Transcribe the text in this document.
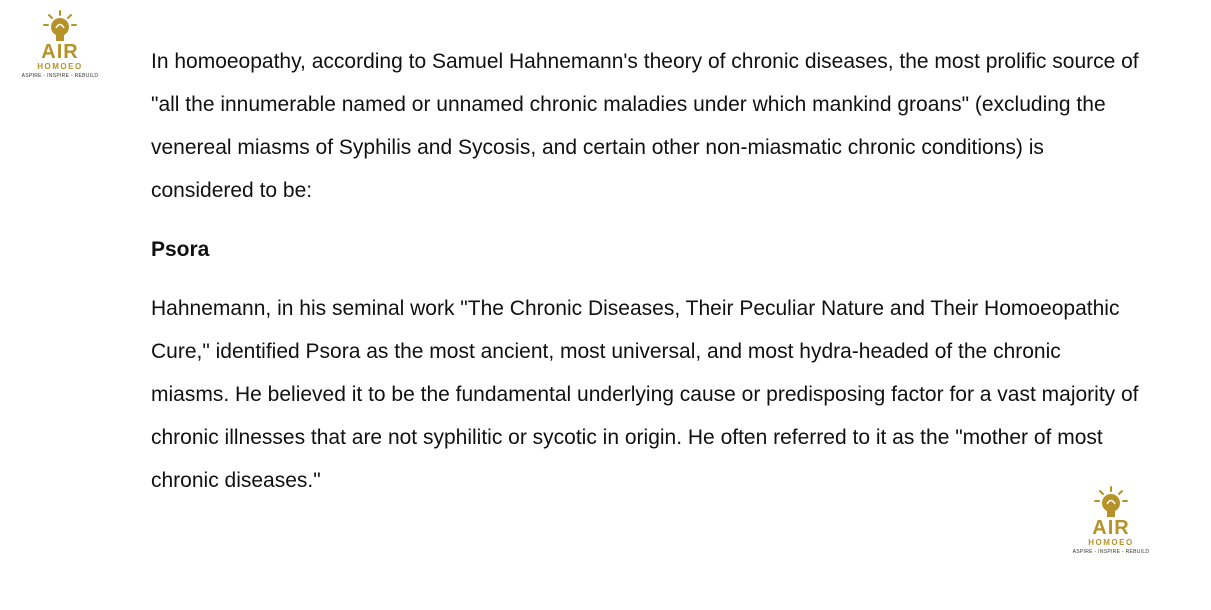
AIR
HOMOEO
ASPIRE - INSPIRE - REBUILD

In homoeopathy, according to Samuel Hahnemann's theory of chronic diseases, the most prolific source of "all the innumerable named or unnamed chronic maladies under which mankind groans" (excluding the venereal miasms of Syphilis and Sycosis, and certain other non-miasmatic chronic conditions) is considered to be:

Psora

Hahnemann, in his seminal work "The Chronic Diseases, Their Peculiar Nature and Their Homoeopathic Cure," identified Psora as the most ancient, most universal, and most hydra-headed of the chronic miasms. He believed it to be the fundamental underlying cause or predisposing factor for a vast majority of chronic illnesses that are not syphilitic or sycotic in origin. He often referred to it as the "mother of most chronic diseases."

AIR
HOMOEO
ASPIRE - INSPIRE - REBUILD
